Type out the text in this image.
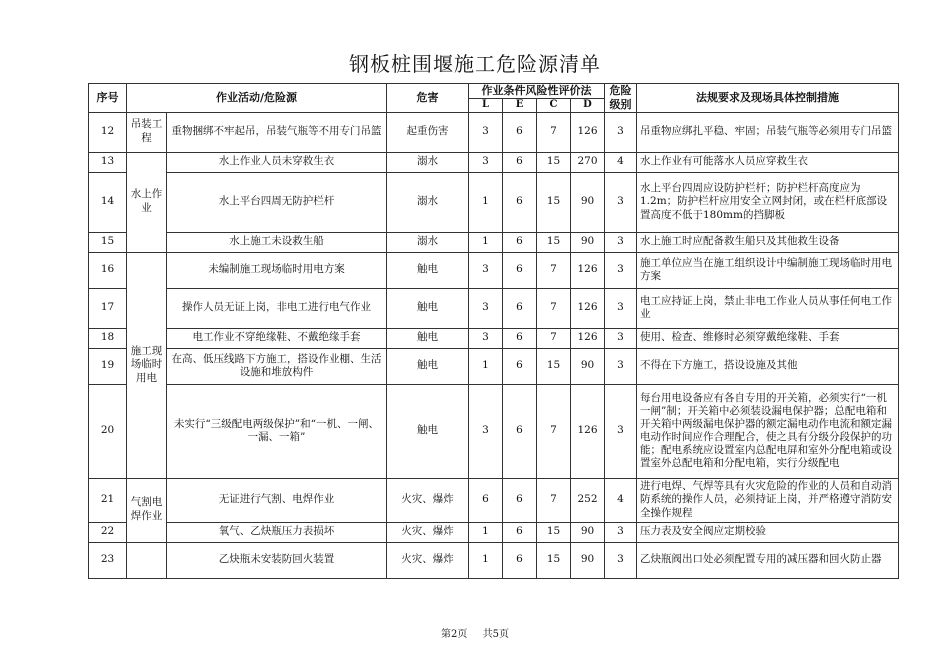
钢板桩围堰施工危险源清单
序号	作业活动/危险源		危害	作业条件风险性评价法				危险级别	法规要求及现场具体控制措施
				L	E	C	D		
12	吊装工程	重物捆绑不牢起吊，吊装气瓶等不用专门吊篮	起重伤害	3	6	7	126	3	吊重物应绑扎平稳、牢固；吊装气瓶等必须用专门吊篮
13	水上作业	水上作业人员未穿救生衣	溺水	3	6	15	270	4	水上作业有可能落水人员应穿救生衣
14		水上平台四周无防护栏杆	溺水	1	6	15	90	3	水上平台四周应设防护栏杆；防护栏杆高度应为1.2m；防护栏杆应用安全立网封闭，或在栏杆底部设置高度不低于180mm的挡脚板
15		水上施工未设救生船	溺水	1	6	15	90	3	水上施工时应配备救生船只及其他救生设备
16	施工现场临时用电	未编制施工现场临时用电方案	触电	3	6	7	126	3	施工单位应当在施工组织设计中编制施工现场临时用电方案
17		操作人员无证上岗，非电工进行电气作业	触电	3	6	7	126	3	电工应持证上岗，禁止非电工作业人员从事任何电工作业
18		电工作业不穿绝缘鞋、不戴绝缘手套	触电	3	6	7	126	3	使用、检查、维修时必须穿戴绝缘鞋、手套
19		在高、低压线路下方施工，搭设作业棚、生活设施和堆放构件	触电	1	6	15	90	3	不得在下方施工，搭设设施及其他
20		未实行“三级配电两级保护”和“一机、一闸、一漏、一箱”	触电	3	6	7	126	3	每台用电设备应有各自专用的开关箱，必须实行“一机一闸”制；开关箱中必须装设漏电保护器；总配电箱和开关箱中两级漏电保护器的额定漏电动作电流和额定漏电动作时间应作合理配合，使之具有分级分段保护的功能；配电系统应设置室内总配电屏和室外分配电箱或设置室外总配电箱和分配电箱，实行分级配电
21	气割电焊作业	无证进行气割、电焊作业	火灾、爆炸	6	6	7	252	4	进行电焊、气焊等具有火灾危险的作业的人员和自动消防系统的操作人员，必须持证上岗，并严格遵守消防安全操作规程
22		氧气、乙炔瓶压力表损坏	火灾、爆炸	1	6	15	90	3	压力表及安全阀应定期校验
23		乙炔瓶未安装防回火装置	火灾、爆炸	1	6	15	90	3	乙炔瓶阀出口处必须配置专用的减压器和回火防止器
第2页 共5页
